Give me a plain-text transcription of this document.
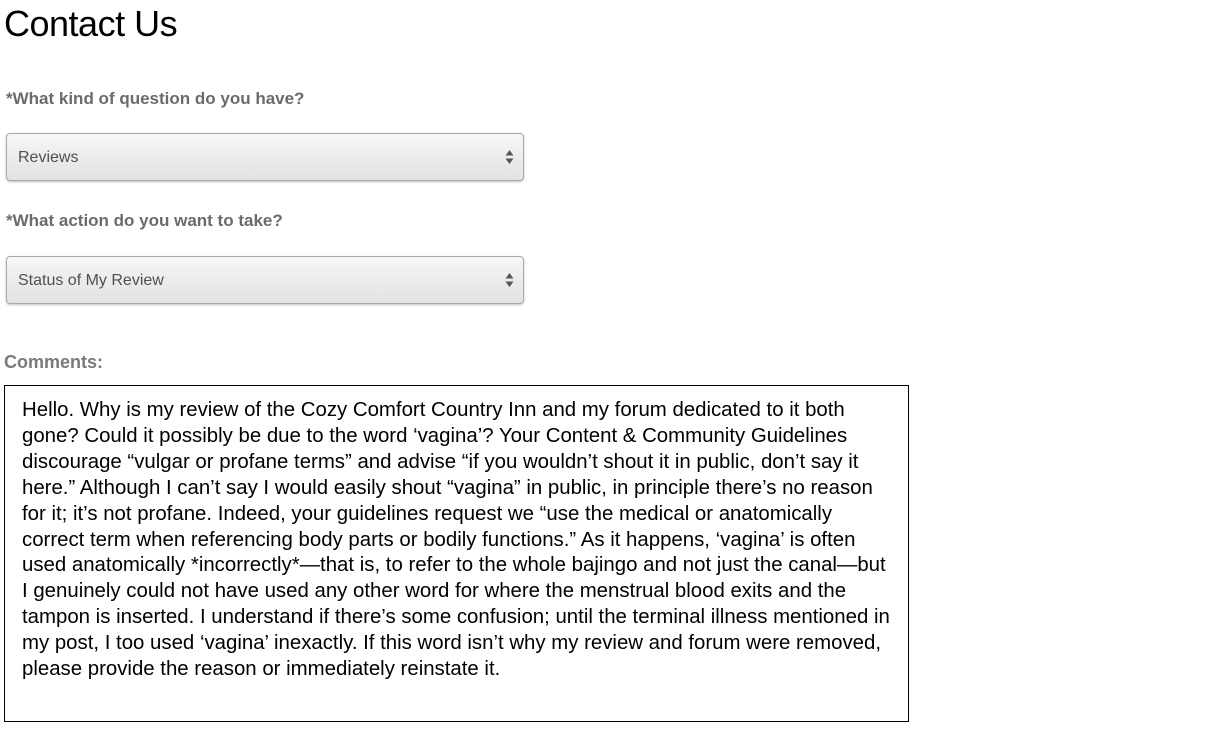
Contact Us
*What kind of question do you have?
Reviews
*What action do you want to take?
Status of My Review
Comments:
Hello. Why is my review of the Cozy Comfort Country Inn and my forum dedicated to it both gone? Could it possibly be due to the word ‘vagina’? Your Content & Community Guidelines discourage “vulgar or profane terms” and advise “if you wouldn’t shout it in public, don’t say it here.” Although I can’t say I would easily shout “vagina” in public, in principle there’s no reason for it; it’s not profane. Indeed, your guidelines request we “use the medical or anatomically correct term when referencing body parts or bodily functions.” As it happens, ‘vagina’ is often used anatomically *incorrectly*—that is, to refer to the whole bajingo and not just the canal—but I genuinely could not have used any other word for where the menstrual blood exits and the tampon is inserted. I understand if there’s some confusion; until the terminal illness mentioned in my post, I too used ‘vagina’ inexactly. If this word isn’t why my review and forum were removed, please provide the reason or immediately reinstate it.
